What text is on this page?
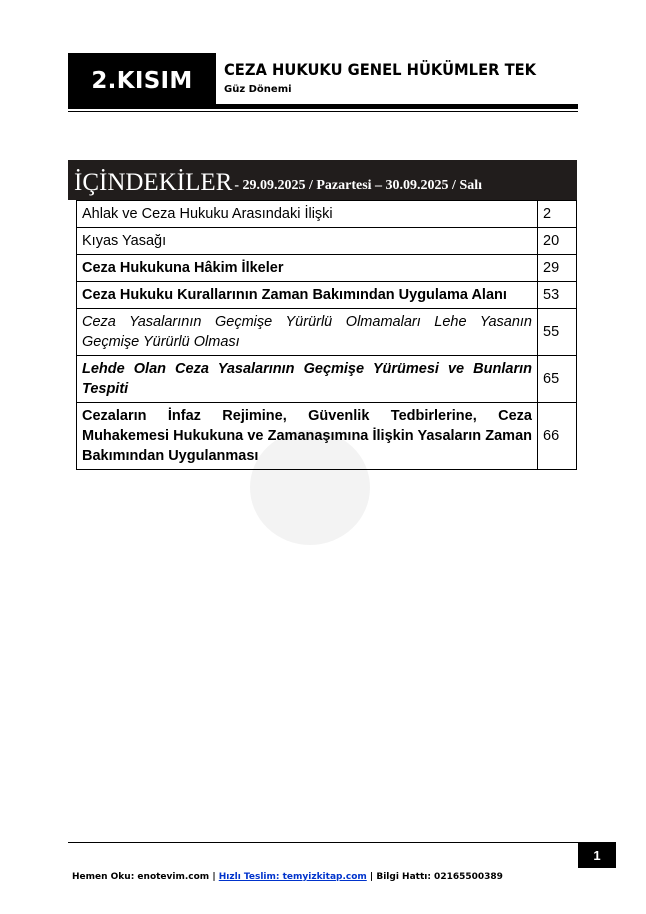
2.KISIM CEZA HUKUKU GENEL HÜKÜMLER TEK
Güz Dönemi
İÇİNDEKİLER - 29.09.2025 / Pazartesi – 30.09.2025 / Salı
Ahlak ve Ceza Hukuku Arasındaki İlişki	2
Kıyas Yasağı	20
Ceza Hukukuna Hâkim İlkeler	29
Ceza Hukuku Kurallarının Zaman Bakımından Uygulama Alanı	53
Ceza Yasalarının Geçmişe Yürürlü Olmamaları Lehe Yasanın Geçmişe Yürürlü Olması	55
Lehde Olan Ceza Yasalarının Geçmişe Yürümesi ve Bunların Tespiti	65
Cezaların İnfaz Rejimine, Güvenlik Tedbirlerine, Ceza Muhakemesi Hukukuna ve Zamanaşımına İlişkin Yasaların Zaman Bakımından Uygulanması	66
1
Hemen Oku: enotevim.com | Hızlı Teslim: temyizkitap.com | Bilgi Hattı: 02165500389
